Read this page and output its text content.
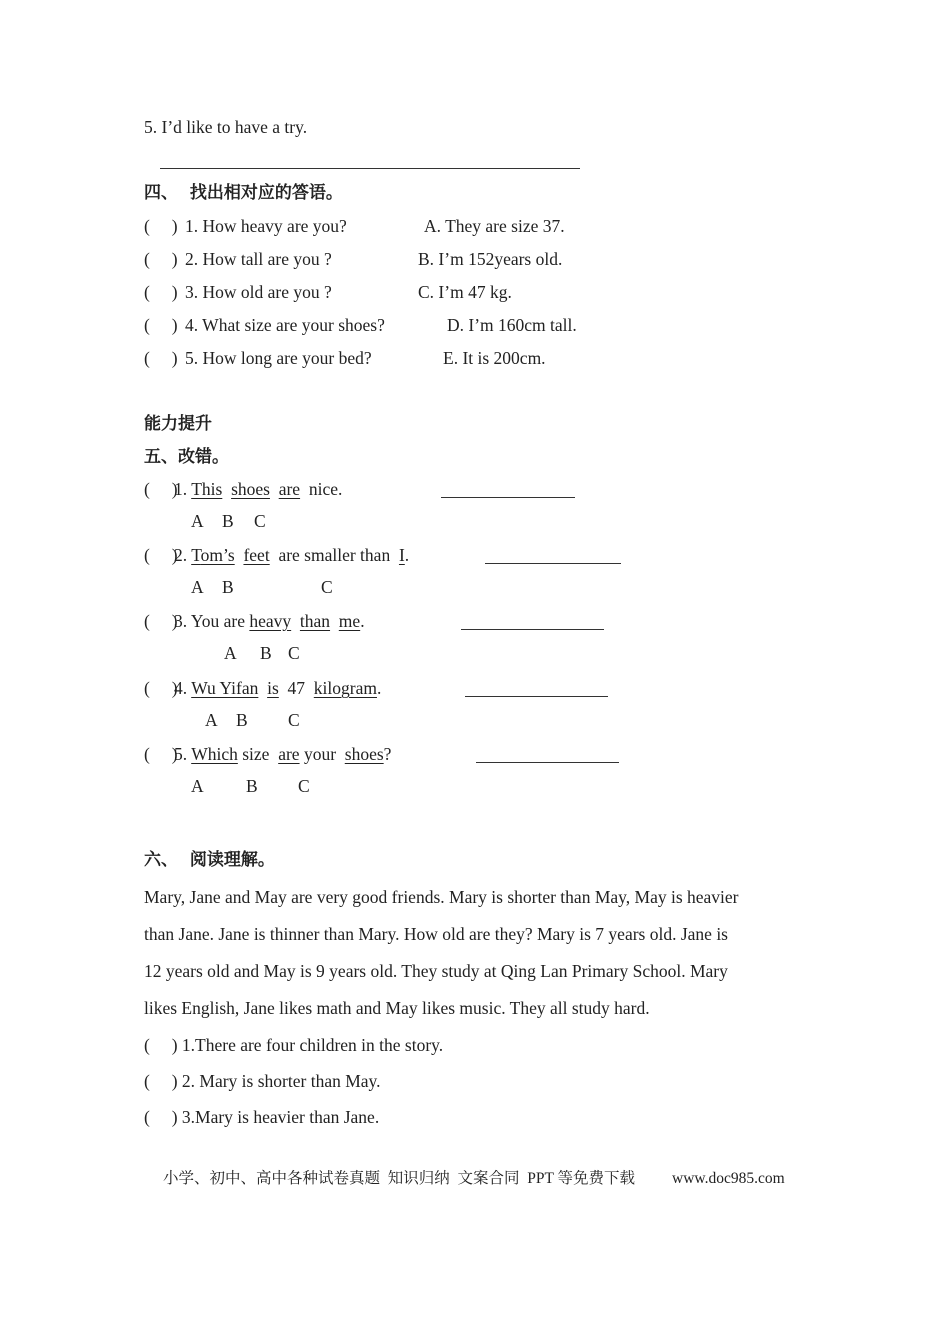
5. I’d like to have a try.
四、  找出相对应的答语。
(     ) 1. How heavy are you?	A. They are size 37.
(     ) 2. How tall are you ?	B. I’m 152years old.
(     ) 3. How old are you ?	C. I’m 47 kg.
(     ) 4. What size are your shoes?	D. I’m 160cm tall.
(     ) 5. How long are your bed?	E. It is 200cm.
能力提升
五、改错。
(     )
1. This shoes are  nice.
A B C
(     )
2. Tom’s feet  are smaller than  I.
A B	C
(     )
3. You are heavy than me.
A B C
(     )
4. Wu Yifan is  47  kilogram.
A B C
(     )
5. Which size  are your  shoes?
A B C
六、  阅读理解。
Mary, Jane and May are very good friends. Mary is shorter than May, May is heavier
than Jane. Jane is thinner than Mary. How old are they? Mary is 7 years old. Jane is
12 years old and May is 9 years old. They study at Qing Lan Primary School. Mary
likes English, Jane likes math and May likes music. They all study hard.
(     ) 1.There are four children in the story.
(     ) 2. Mary is shorter than May.
(     ) 3.Mary is heavier than Jane.
小学、初中、高中各种试卷真题  知识归纳  文案合同  PPT 等免费下载 www.doc985.com
